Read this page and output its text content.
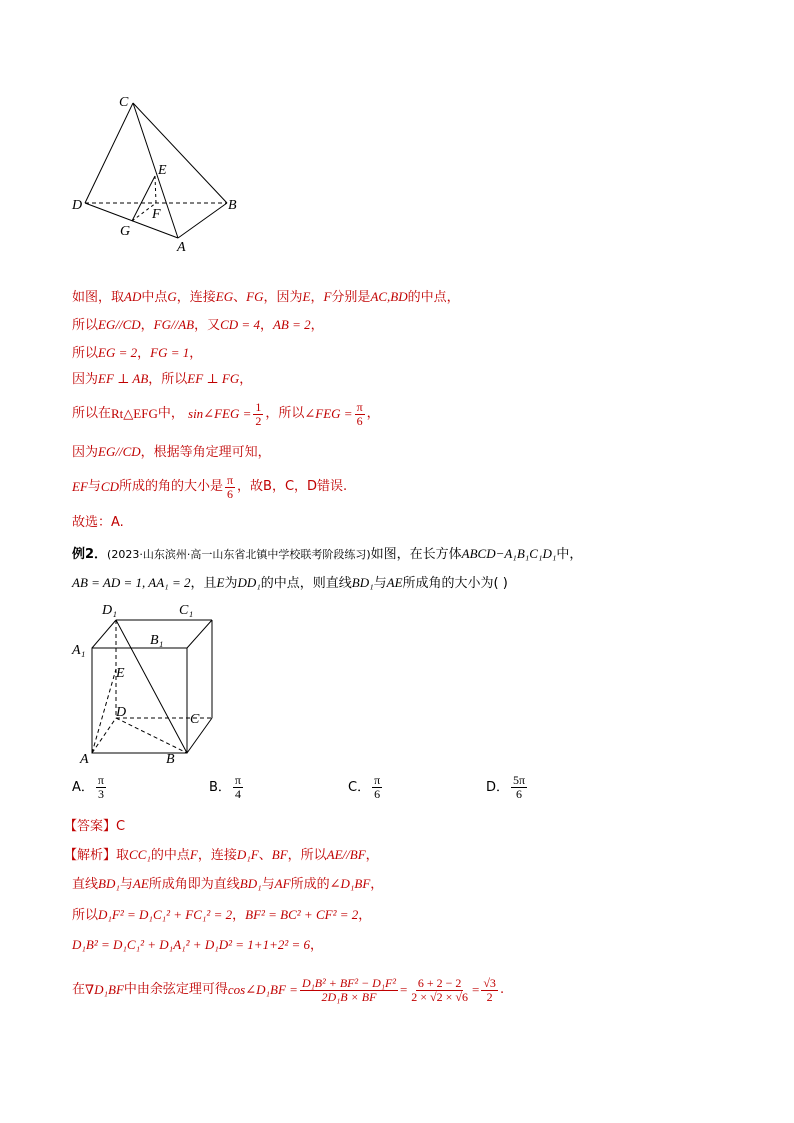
C
E
D
F
B
G
A
如图，取AD中点G，连接EG、FG，因为E，F分别是AC,BD的中点，
所以EG//CD，FG//AB，又CD = 4，AB = 2，
所以EG = 2，FG = 1，
因为EF ⊥ AB，所以EF ⊥ FG，
所以在 Rt△EFG 中，
sin∠FEG = $\frac{1}{2}$ ，所以 ∠FEG = $\frac{\pi}{6}$ ，
因为EG//CD，根据等角定理可知，
EF 与 CD 所成的角的大小是 $\frac{\pi}{6}$ ，故B，C，D错误.
故选：A.
例2．(2023·山东滨州·高一山东省北镇中学校联考阶段练习)如图，在长方体ABCD−A₁B₁C₁D₁中，
AB = AD = 1, AA₁ = 2，且E为DD₁的中点，则直线BD₁与AE所成角的大小为( )
D₁	C₁
B₁
A₁
E
D	C
A	B
A． $\frac{\pi}{3}$	B． $\frac{\pi}{4}$	C． $\frac{\pi}{6}$	D． $\frac{5\pi}{6}$
【答案】C
【解析】取CC₁的中点F，连接D₁F、BF，所以AE//BF，
直线BD₁与AE所成角即为直线BD₁与AF所成的∠D₁BF，
所以D₁F² = D₁C₁² + FC₁² = 2，BF² = BC² + CF² = 2，
D₁B² = D₁C₁² + D₁A₁² + D₁D² = 1+1+2² = 6，
在 ∇D₁BF 中由余弦定理可得 cos∠D₁BF = $\frac{\text{D₁B² + BF² − D₁F²}}{\text{2D₁B × BF}} = \frac{6 + 2 - 2}{2 \times √2 \times √6} = \frac{√3}{2}$ .
